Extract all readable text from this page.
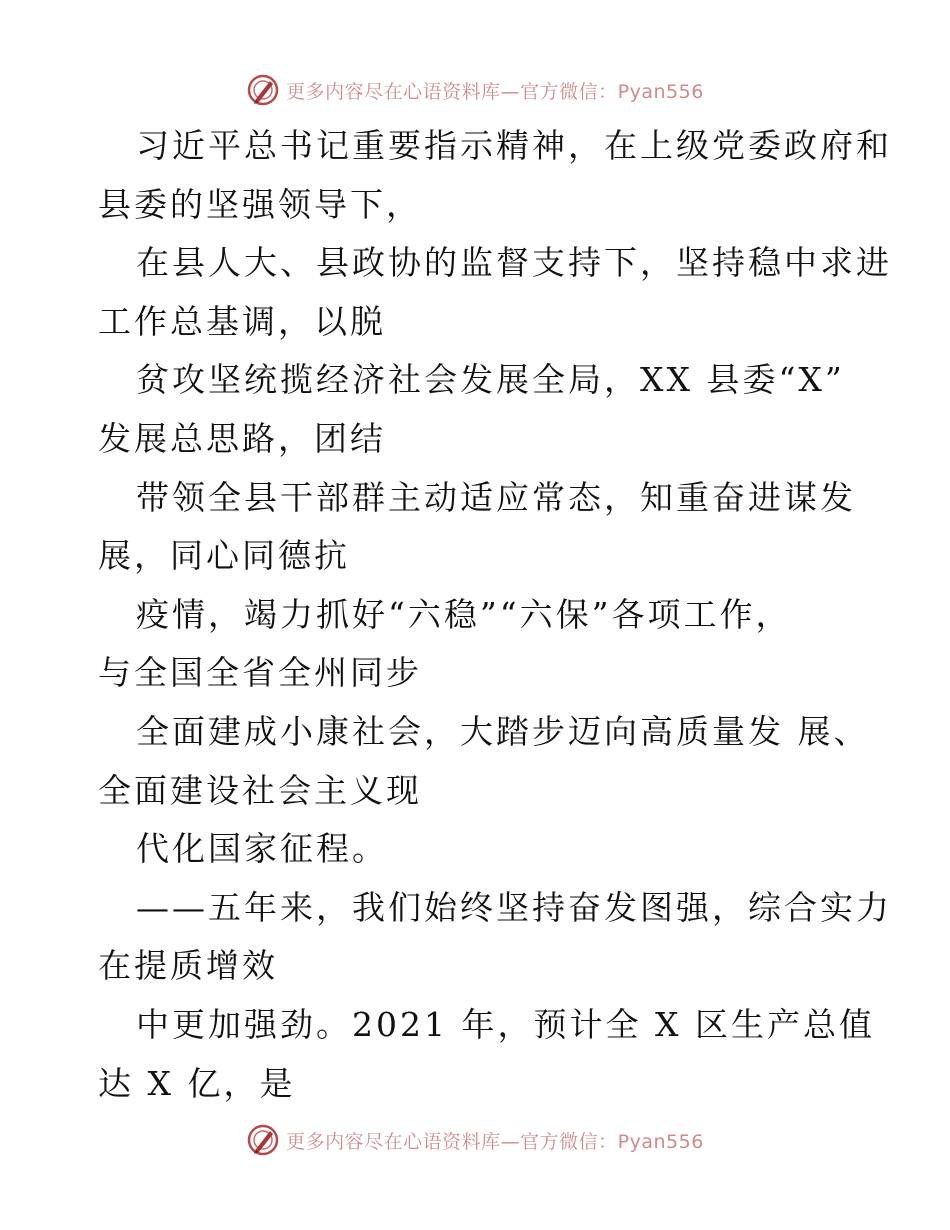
更多内容尽在心语资料库—官方微信：Pyan556
习近平总书记重要指示精神，在上级党委政府和
县委的坚强领导下，
在县人大、县政协的监督支持下，坚持稳中求进
工作总基调，以脱
贫攻坚统揽经济社会发展全局，XX 县委“X”
发展总思路，团结
带领全县干部群主动适应常态，知重奋进谋发
展，同心同德抗
疫情，竭力抓好“六稳”“六保”各项工作，
与全国全省全州同步
全面建成小康社会，大踏步迈向高质量发 展、
全面建设社会主义现
代化国家征程。
——五年来，我们始终坚持奋发图强，综合实力
在提质增效
中更加强劲。2021 年，预计全 X 区生产总值
达 X 亿，是
更多内容尽在心语资料库—官方微信：Pyan556
